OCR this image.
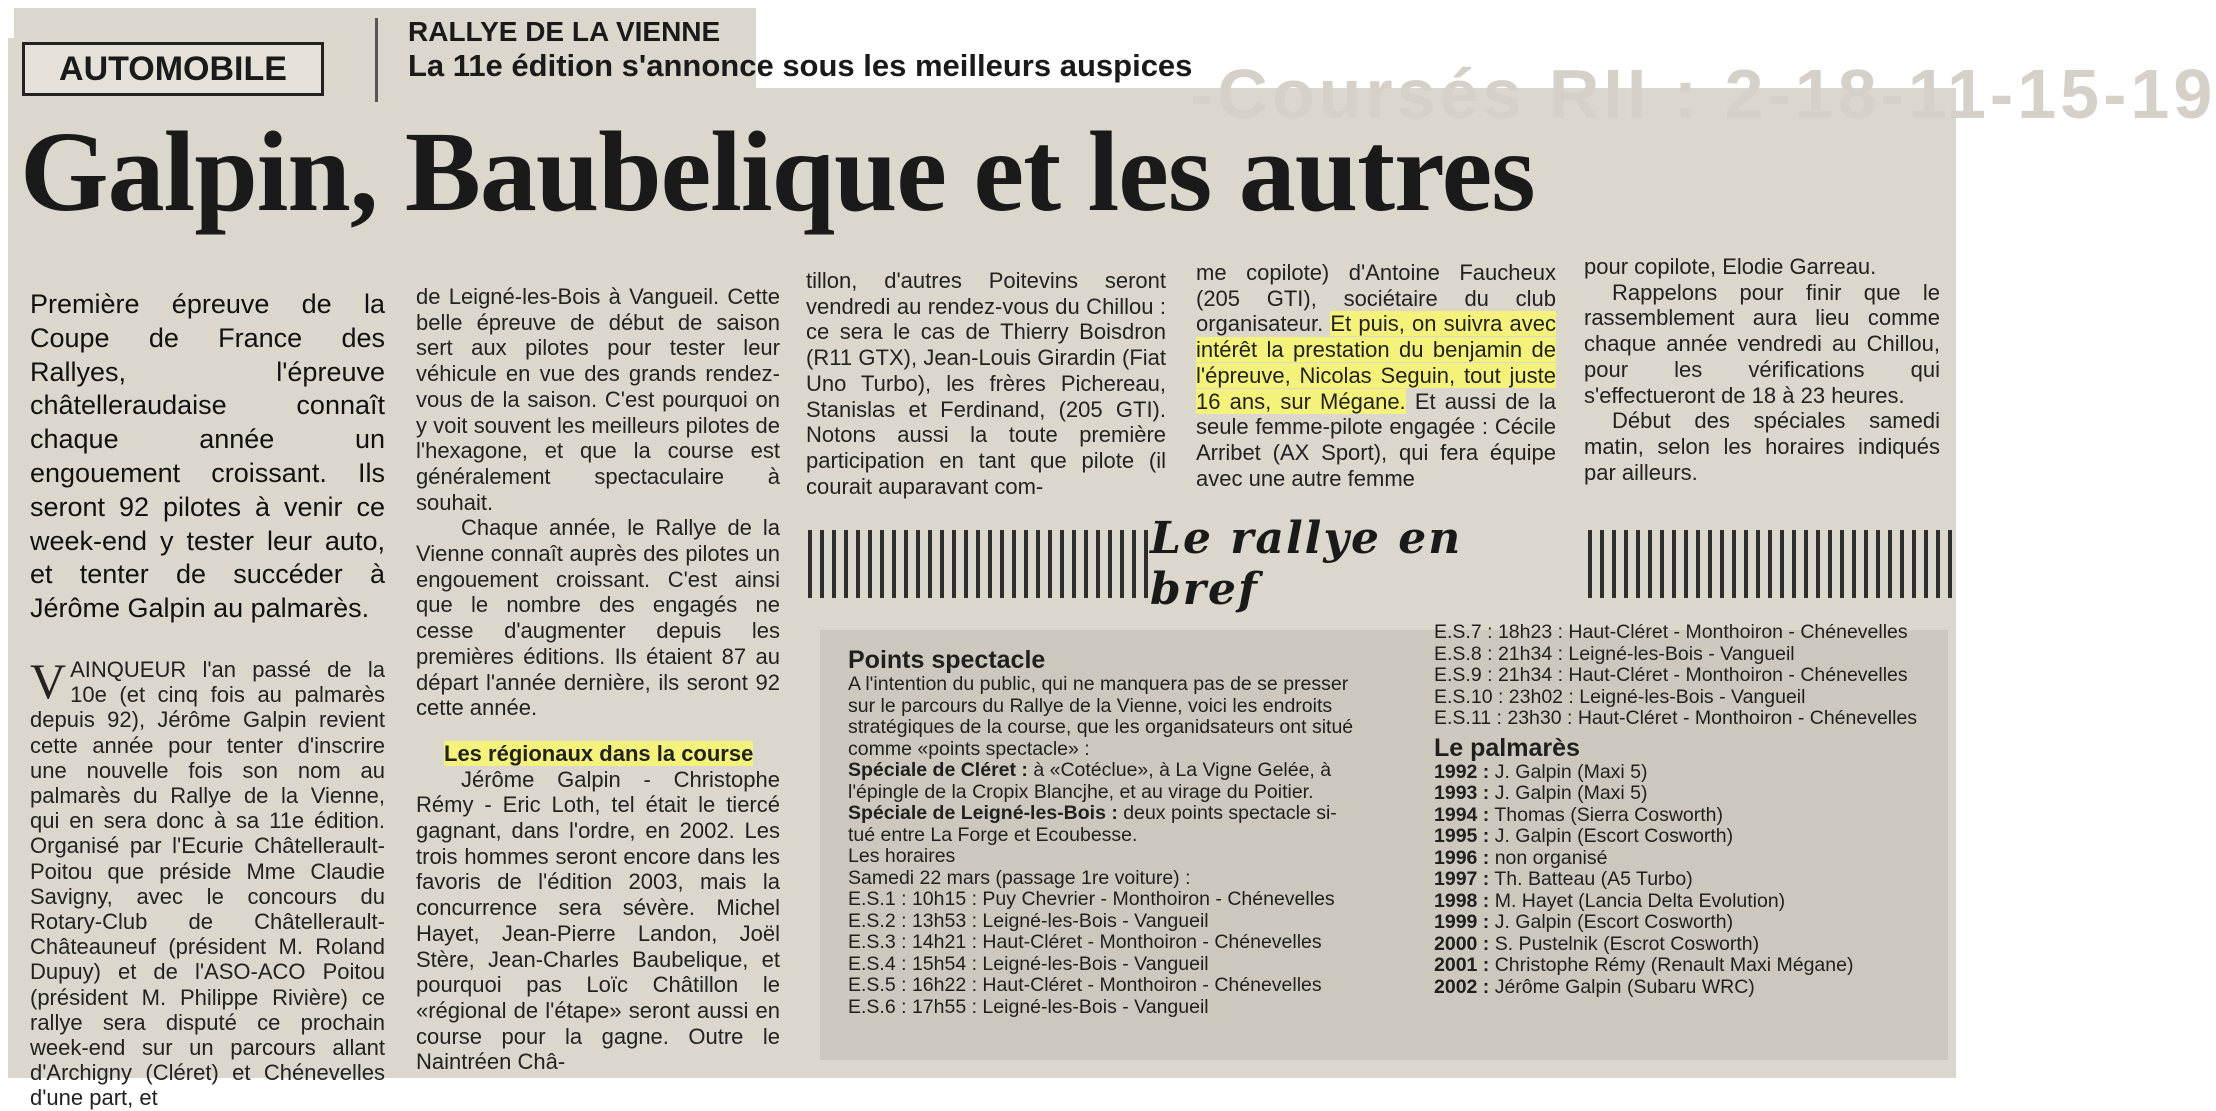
-Coursés RII : 2-18-11-15-19
AUTOMOBILE
RALLYE DE LA VIENNE
La 11e édition s'annonce sous les meilleurs auspices
Galpin, Baubelique et les autres

Première épreuve de la Coupe de France des Rallyes, l'épreuve châtelleraudaise connaît chaque année un engouement croissant. Ils seront 92 pilotes à venir ce week-end y tester leur auto, et tenter de succéder à Jérôme Galpin au palmarès.

VAINQUEUR l'an passé de la 10e (et cinq fois au palmarès depuis 92), Jérôme Galpin revient cette année pour tenter d'inscrire une nouvelle fois son nom au palmarès du Rallye de la Vienne, qui en sera donc à sa 11e édition. Organisé par l'Ecurie Châtellerault-Poitou que préside Mme Claudie Savigny, avec le concours du Rotary-Club de Châtellerault-Châteauneuf (président M. Roland Dupuy) et de l'ASO-ACO Poitou (président M. Philippe Rivière) ce rallye sera disputé ce prochain week-end sur un parcours allant d'Archigny (Cléret) et Chénevelles d'une part, et

de Leigné-les-Bois à Vangueil. Cette belle épreuve de début de saison sert aux pilotes pour tester leur véhicule en vue des grands rendez-vous de la saison. C'est pourquoi on y voit souvent les meilleurs pilotes de l'hexagone, et que la course est généralement spectaculaire à souhait.

Chaque année, le Rallye de la Vienne connaît auprès des pilotes un engouement croissant. C'est ainsi que le nombre des engagés ne cesse d'augmenter depuis les premières éditions. Ils étaient 87 au départ l'année dernière, ils seront 92 cette année.

Les régionaux dans la course

Jérôme Galpin - Christophe Rémy - Eric Loth, tel était le tiercé gagnant, dans l'ordre, en 2002. Les trois hommes seront encore dans les favoris de l'édition 2003, mais la concurrence sera sévère. Michel Hayet, Jean-Pierre Landon, Joël Stère, Jean-Charles Baubelique, et pourquoi pas Loïc Châtillon le «régional de l'étape» seront aussi en course pour la gagne. Outre le Naintréen Châ-

tillon, d'autres Poitevins seront vendredi au rendez-vous du Chillou : ce sera le cas de Thierry Boisdron (R11 GTX), Jean-Louis Girardin (Fiat Uno Turbo), les frères Pichereau, Stanislas et Ferdinand, (205 GTI). Notons aussi la toute première participation en tant que pilote (il courait auparavant com-

me copilote) d'Antoine Faucheux (205 GTI), sociétaire du club organisateur. Et puis, on suivra avec intérêt la prestation du benjamin de l'épreuve, Nicolas Seguin, tout juste 16 ans, sur Mégane. Et aussi de la seule femme-pilote engagée : Cécile Arribet (AX Sport), qui fera équipe avec une autre femme

pour copilote, Elodie Garreau.

Rappelons pour finir que le rassemblement aura lieu comme chaque année vendredi au Chillou, pour les vérifications qui s'effectueront de 18 à 23 heures.

Début des spéciales samedi matin, selon les horaires indiqués par ailleurs.

Le rallye en bref

Points spectacle

A l'intention du public, qui ne manquera pas de se presser

sur le parcours du Rallye de la Vienne, voici les endroits

stratégiques de la course, que les organidsateurs ont situé

comme «points spectacle» :

Spéciale de Cléret : à «Cotéclue», à La Vigne Gelée, à

l'épingle de la Cropix Blancjhe, et au virage du Poitier.

Spéciale de Leigné-les-Bois : deux points spectacle si-

tué entre La Forge et Ecoubesse.

Les horaires

Samedi 22 mars (passage 1re voiture) :

E.S.1 : 10h15 : Puy Chevrier - Monthoiron - Chénevelles

E.S.2 : 13h53 : Leigné-les-Bois - Vangueil

E.S.3 : 14h21 : Haut-Cléret - Monthoiron - Chénevelles

E.S.4 : 15h54 : Leigné-les-Bois - Vangueil

E.S.5 : 16h22 : Haut-Cléret - Monthoiron - Chénevelles

E.S.6 : 17h55 : Leigné-les-Bois - Vangueil

E.S.7 : 18h23 : Haut-Cléret - Monthoiron - Chénevelles

E.S.8 : 21h34 : Leigné-les-Bois - Vangueil

E.S.9 : 21h34 : Haut-Cléret - Monthoiron - Chénevelles

E.S.10 : 23h02 : Leigné-les-Bois - Vangueil

E.S.11 : 23h30 : Haut-Cléret - Monthoiron - Chénevelles

Le palmarès

1992 : J. Galpin (Maxi 5)

1993 : J. Galpin (Maxi 5)

1994 : Thomas (Sierra Cosworth)

1995 : J. Galpin (Escort Cosworth)

1996 : non organisé

1997 : Th. Batteau (A5 Turbo)

1998 : M. Hayet (Lancia Delta Evolution)

1999 : J. Galpin (Escort Cosworth)

2000 : S. Pustelnik (Escrot Cosworth)

2001 : Christophe Rémy (Renault Maxi Mégane)

2002 : Jérôme Galpin (Subaru WRC)
